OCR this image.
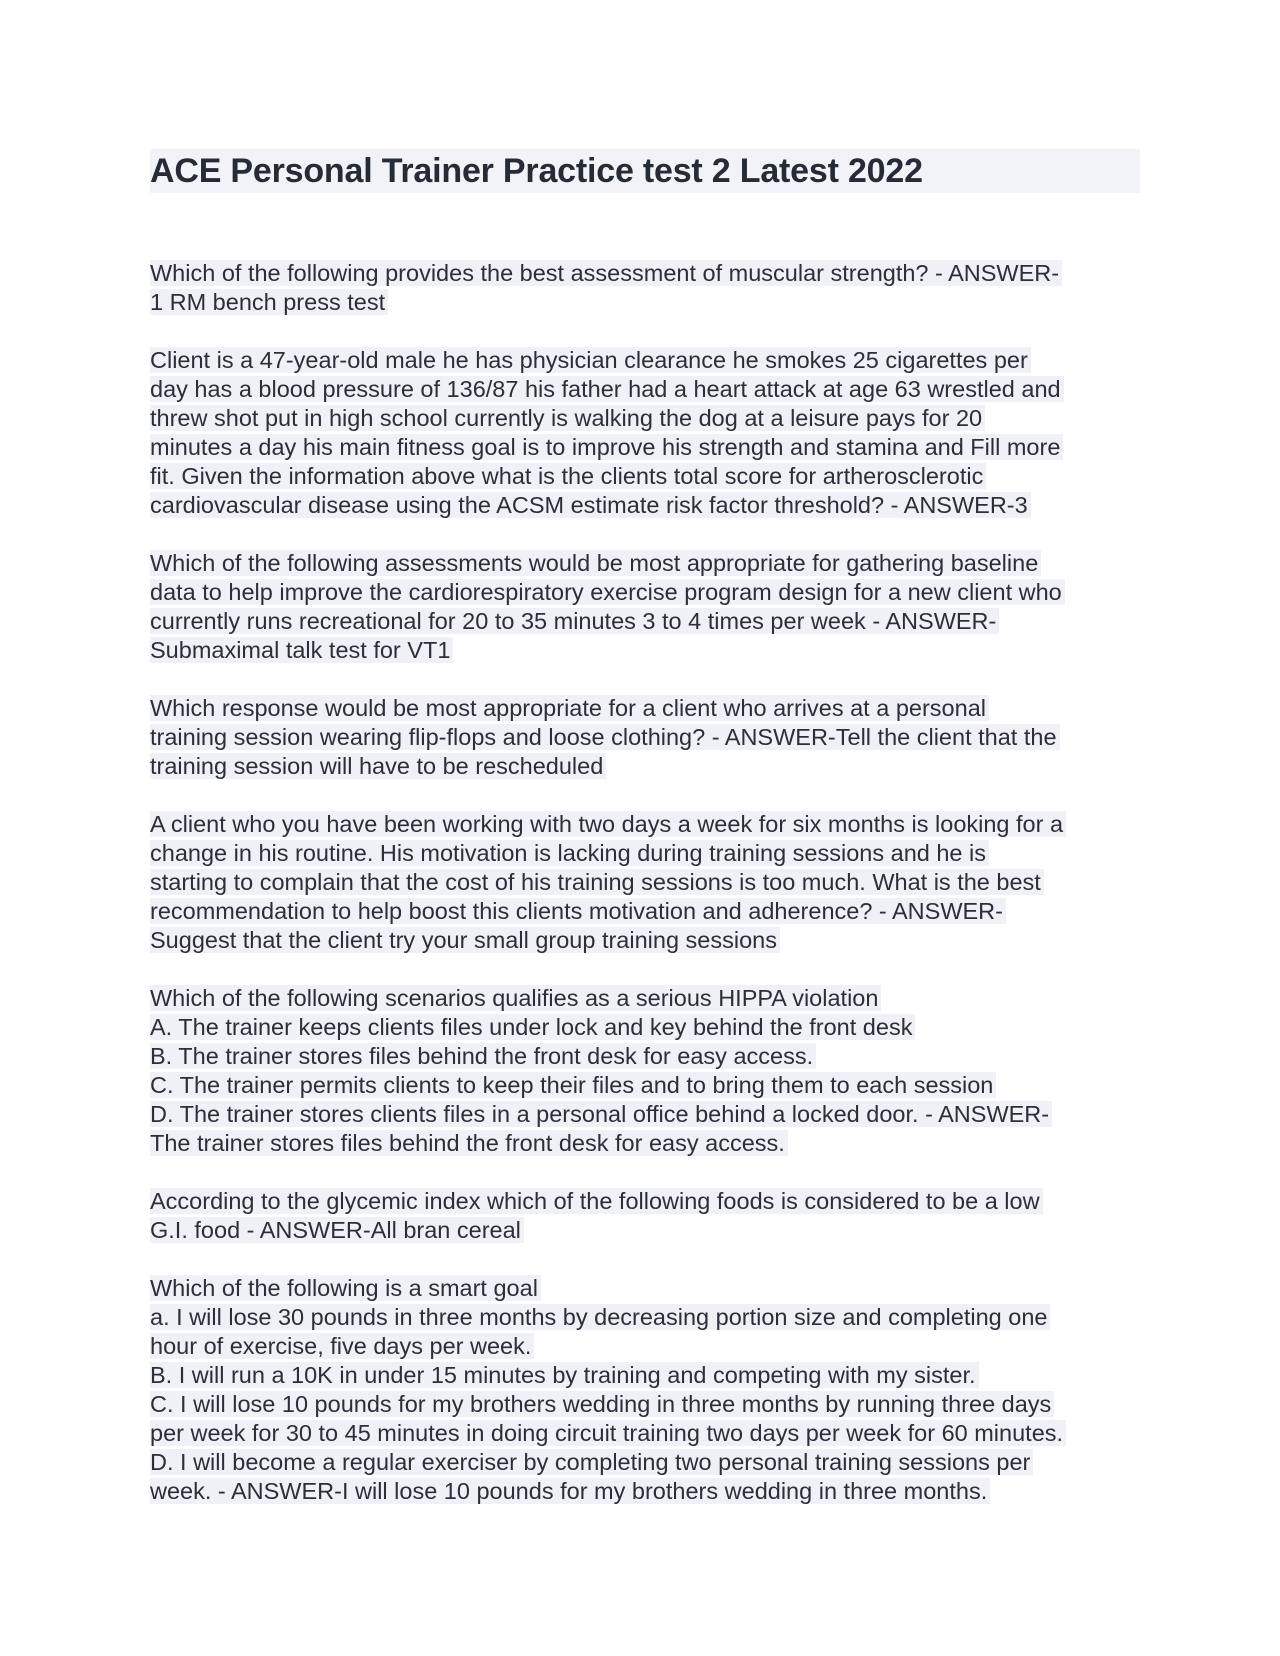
ACE Personal Trainer Practice test 2 Latest 2022
Which of the following provides the best assessment of muscular strength? - ANSWER-
1 RM bench press test
Client is a 47-year-old male he has physician clearance he smokes 25 cigarettes per
day has a blood pressure of 136/87 his father had a heart attack at age 63 wrestled and
threw shot put in high school currently is walking the dog at a leisure pays for 20
minutes a day his main fitness goal is to improve his strength and stamina and Fill more
fit. Given the information above what is the clients total score for artherosclerotic
cardiovascular disease using the ACSM estimate risk factor threshold? - ANSWER-3
Which of the following assessments would be most appropriate for gathering baseline
data to help improve the cardiorespiratory exercise program design for a new client who
currently runs recreational for 20 to 35 minutes 3 to 4 times per week - ANSWER-
Submaximal talk test for VT1
Which response would be most appropriate for a client who arrives at a personal
training session wearing flip-flops and loose clothing? - ANSWER-Tell the client that the
training session will have to be rescheduled
A client who you have been working with two days a week for six months is looking for a
change in his routine. His motivation is lacking during training sessions and he is
starting to complain that the cost of his training sessions is too much. What is the best
recommendation to help boost this clients motivation and adherence? - ANSWER-
Suggest that the client try your small group training sessions
Which of the following scenarios qualifies as a serious HIPPA violation
A. The trainer keeps clients files under lock and key behind the front desk
B. The trainer stores files behind the front desk for easy access.
C. The trainer permits clients to keep their files and to bring them to each session
D. The trainer stores clients files in a personal office behind a locked door. - ANSWER-
The trainer stores files behind the front desk for easy access.
According to the glycemic index which of the following foods is considered to be a low
G.I. food - ANSWER-All bran cereal
Which of the following is a smart goal
a. I will lose 30 pounds in three months by decreasing portion size and completing one
hour of exercise, five days per week.
B. I will run a 10K in under 15 minutes by training and competing with my sister.
C. I will lose 10 pounds for my brothers wedding in three months by running three days
per week for 30 to 45 minutes in doing circuit training two days per week for 60 minutes.
D. I will become a regular exerciser by completing two personal training sessions per
week. - ANSWER-I will lose 10 pounds for my brothers wedding in three months.
